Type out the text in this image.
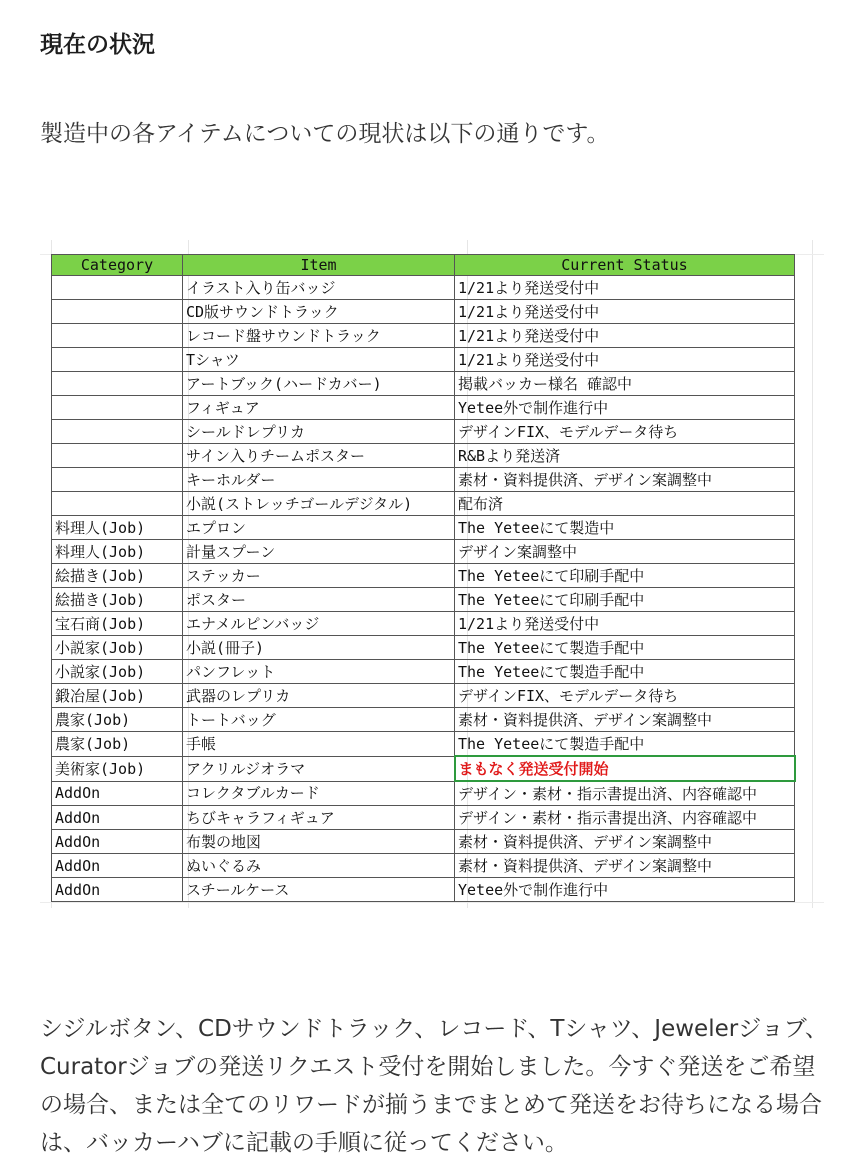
現在の状況

製造中の各アイテムについての現状は以下の通りです。

Category	Item	Current Status
	イラスト入り缶バッジ	1/21より発送受付中
	CD版サウンドトラック	1/21より発送受付中
	レコード盤サウンドトラック	1/21より発送受付中
	Tシャツ	1/21より発送受付中
	アートブック(ハードカバー)	掲載バッカー様名 確認中
	フィギュア	Yetee外で制作進行中
	シールドレプリカ	デザインFIX、モデルデータ待ち
	サイン入りチームポスター	R&Bより発送済
	キーホルダー	素材・資料提供済、デザイン案調整中
	小説(ストレッチゴールデジタル)	配布済
料理人(Job)	エプロン	The Yeteeにて製造中
料理人(Job)	計量スプーン	デザイン案調整中
絵描き(Job)	ステッカー	The Yeteeにて印刷手配中
絵描き(Job)	ポスター	The Yeteeにて印刷手配中
宝石商(Job)	エナメルピンバッジ	1/21より発送受付中
小説家(Job)	小説(冊子)	The Yeteeにて製造手配中
小説家(Job)	パンフレット	The Yeteeにて製造手配中
鍛冶屋(Job)	武器のレプリカ	デザインFIX、モデルデータ待ち
農家(Job)	トートバッグ	素材・資料提供済、デザイン案調整中
農家(Job)	手帳	The Yeteeにて製造手配中
美術家(Job)	アクリルジオラマ	まもなく発送受付開始
AddOn	コレクタブルカード	デザイン・素材・指示書提出済、内容確認中
AddOn	ちびキャラフィギュア	デザイン・素材・指示書提出済、内容確認中
AddOn	布製の地図	素材・資料提供済、デザイン案調整中
AddOn	ぬいぐるみ	素材・資料提供済、デザイン案調整中
AddOn	スチールケース	Yetee外で制作進行中

シジルボタン、CDサウンドトラック、レコード、Tシャツ、Jewelerジョブ、Curatorジョブの発送リクエスト受付を開始しました。今すぐ発送をご希望の場合、または全てのリワードが揃うまでまとめて発送をお待ちになる場合は、バッカーハブに記載の手順に従ってください。
